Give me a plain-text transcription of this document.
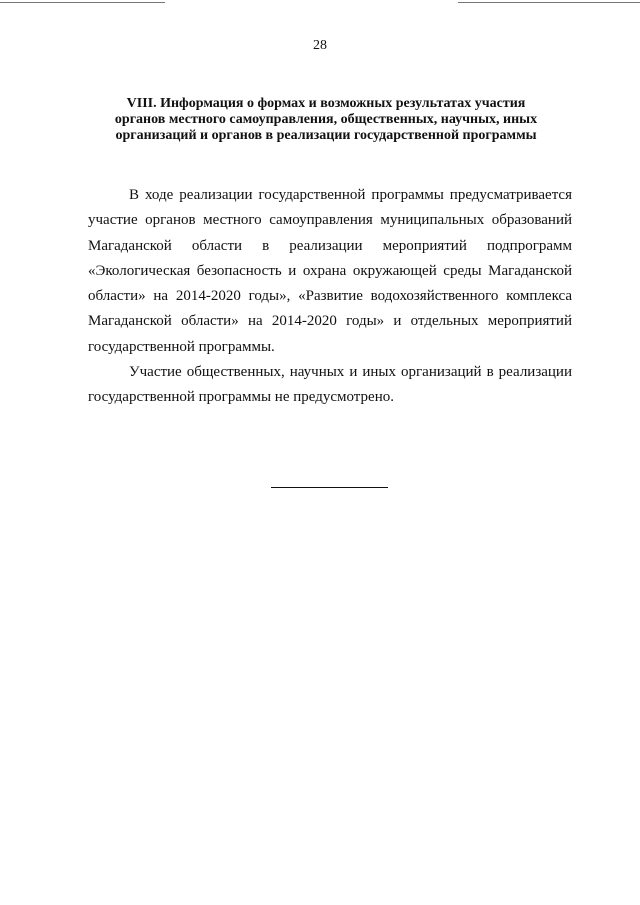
28
VIII. Информация о формах и возможных результатах участия
органов местного самоуправления, общественных, научных, иных
организаций и органов в реализации государственной программы
В ходе реализации государственной программы предусматривается
участие органов местного самоуправления муниципальных образований
Магаданской области в реализации мероприятий подпрограмм
«Экологическая безопасность и охрана окружающей среды Магаданской
области» на 2014-2020 годы», «Развитие водохозяйственного комплекса
Магаданской области» на 2014-2020 годы» и отдельных мероприятий
государственной программы.
Участие общественных, научных и иных организаций в реализации
государственной программы не предусмотрено.
